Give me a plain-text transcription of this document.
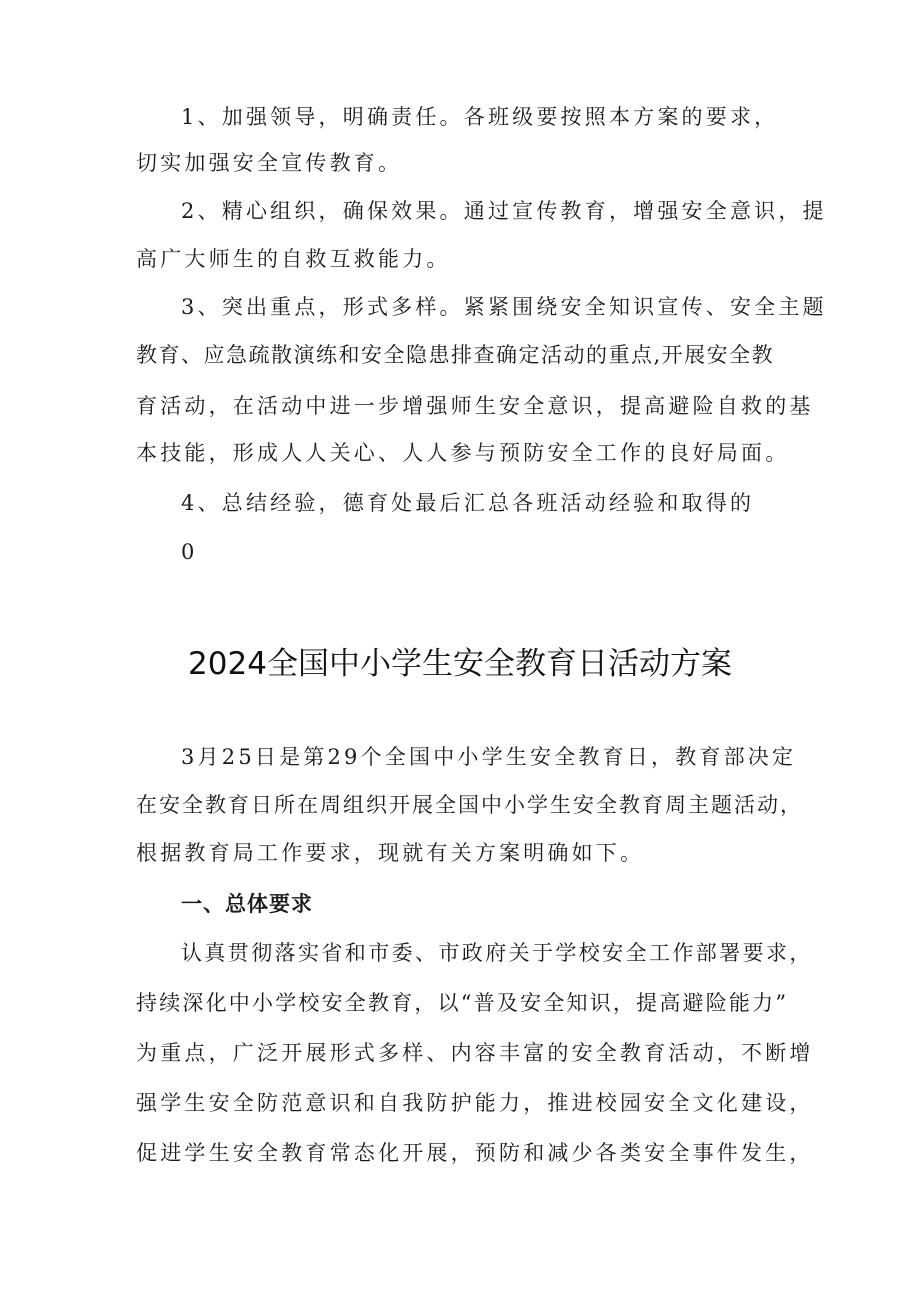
1、加强领导，明确责任。各班级要按照本方案的要求，
切实加强安全宣传教育。
2、精心组织，确保效果。通过宣传教育，增强安全意识，提
高广大师生的自救互救能力。
3、突出重点，形式多样。紧紧围绕安全知识宣传、安全主题
教育、应急疏散演练和安全隐患排查确定活动的重点,开展安全教
育活动，在活动中进一步增强师生安全意识，提高避险自救的基
本技能，形成人人关心、人人参与预防安全工作的良好局面。
4、总结经验，德育处最后汇总各班活动经验和取得的
0
2024全国中小学生安全教育日活动方案
3月25日是第29个全国中小学生安全教育日，教育部决定
在安全教育日所在周组织开展全国中小学生安全教育周主题活动，
根据教育局工作要求，现就有关方案明确如下。
一、总体要求
认真贯彻落实省和市委、市政府关于学校安全工作部署要求，
持续深化中小学校安全教育，以“普及安全知识，提高避险能力”
为重点，广泛开展形式多样、内容丰富的安全教育活动，不断增
强学生安全防范意识和自我防护能力，推进校园安全文化建设，
促进学生安全教育常态化开展，预防和减少各类安全事件发生，
